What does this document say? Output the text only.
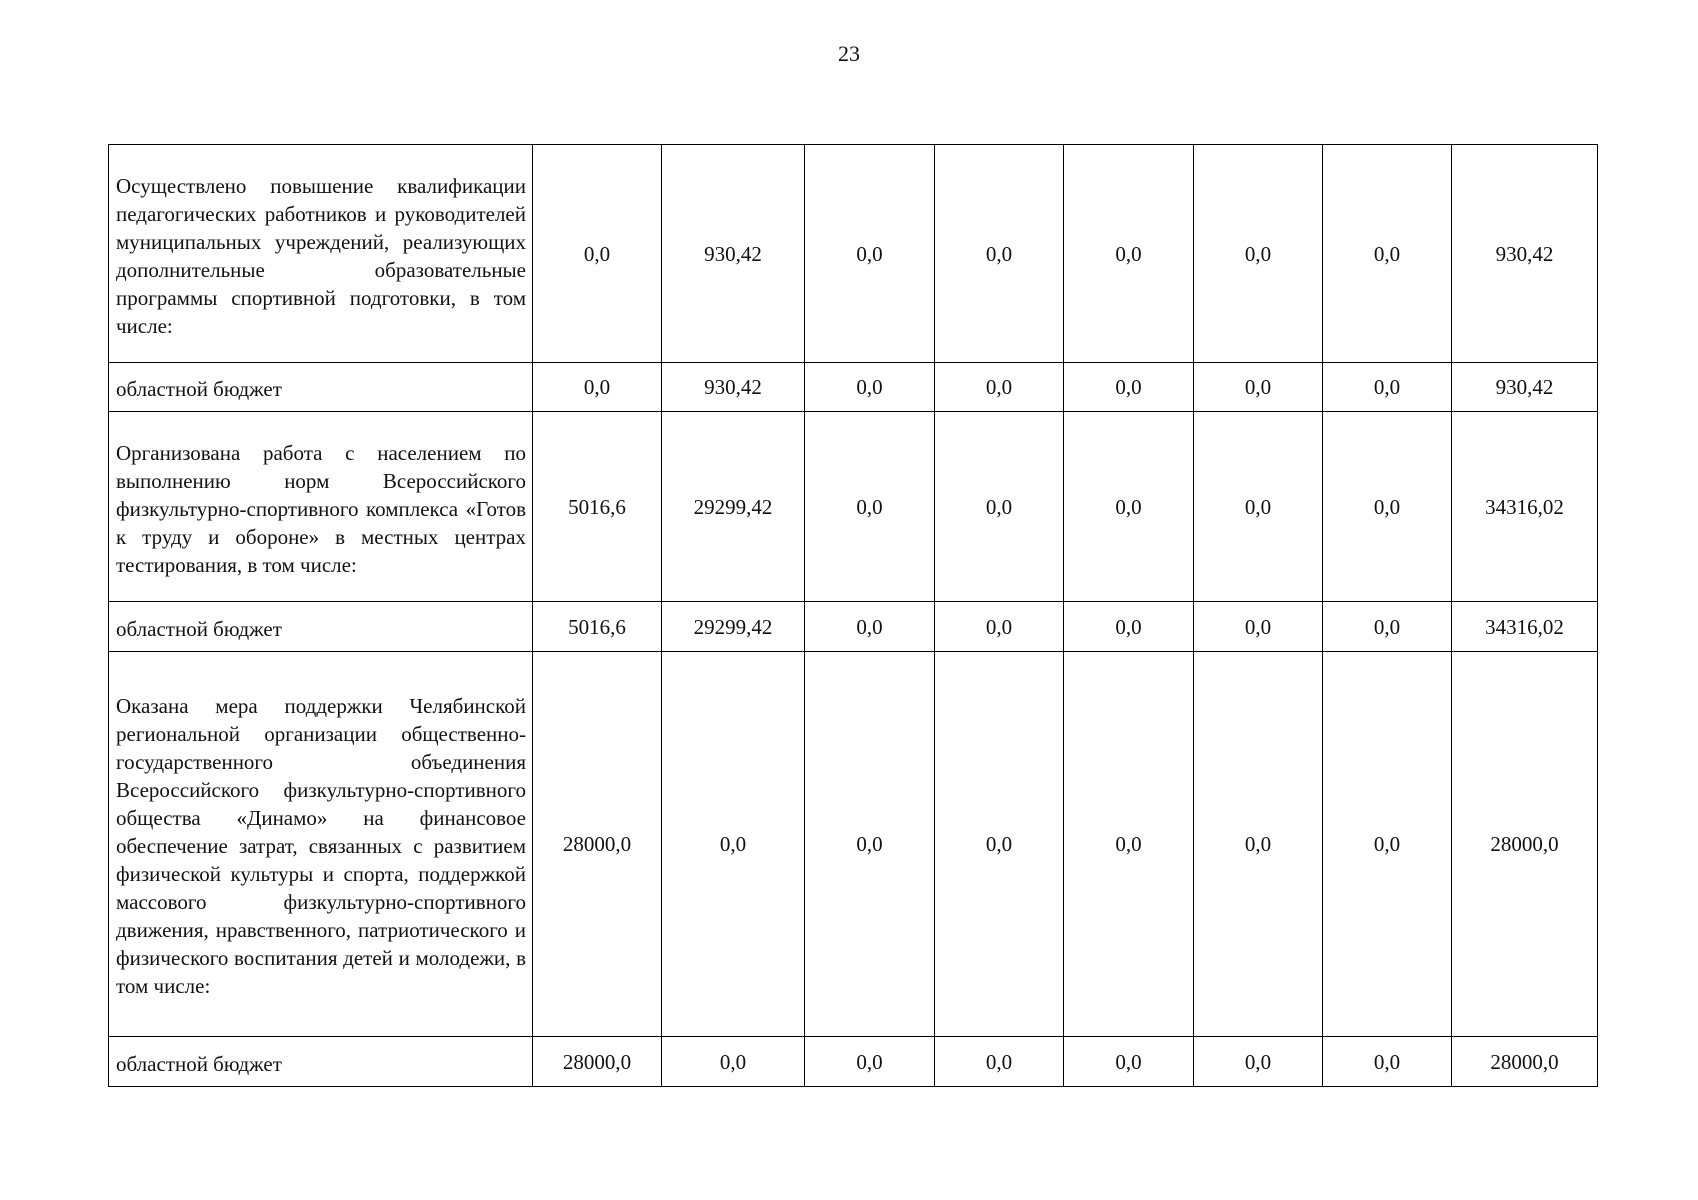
23
Осуществлено повышение квалификации педагогических работников и руководителей муниципальных учреждений, реализующих дополнительные образовательные программы спортивной подготовки, в том числе:	0,0	930,42	0,0	0,0	0,0	0,0	0,0	930,42
областной бюджет	0,0	930,42	0,0	0,0	0,0	0,0	0,0	930,42
Организована работа с населением по выполнению норм Всероссийского физкультурно-спортивного комплекса «Готов к труду и обороне» в местных центрах тестирования, в том числе:	5016,6	29299,42	0,0	0,0	0,0	0,0	0,0	34316,02
областной бюджет	5016,6	29299,42	0,0	0,0	0,0	0,0	0,0	34316,02
Оказана мера поддержки Челябинской региональной организации общественно-государственного объединения Всероссийского физкультурно-спортивного общества «Динамо» на финансовое обеспечение затрат, связанных с развитием физической культуры и спорта, поддержкой массового физкультурно-спортивного движения, нравственного, патриотического и физического воспитания детей и молодежи, в том числе:	28000,0	0,0	0,0	0,0	0,0	0,0	0,0	28000,0
областной бюджет	28000,0	0,0	0,0	0,0	0,0	0,0	0,0	28000,0
